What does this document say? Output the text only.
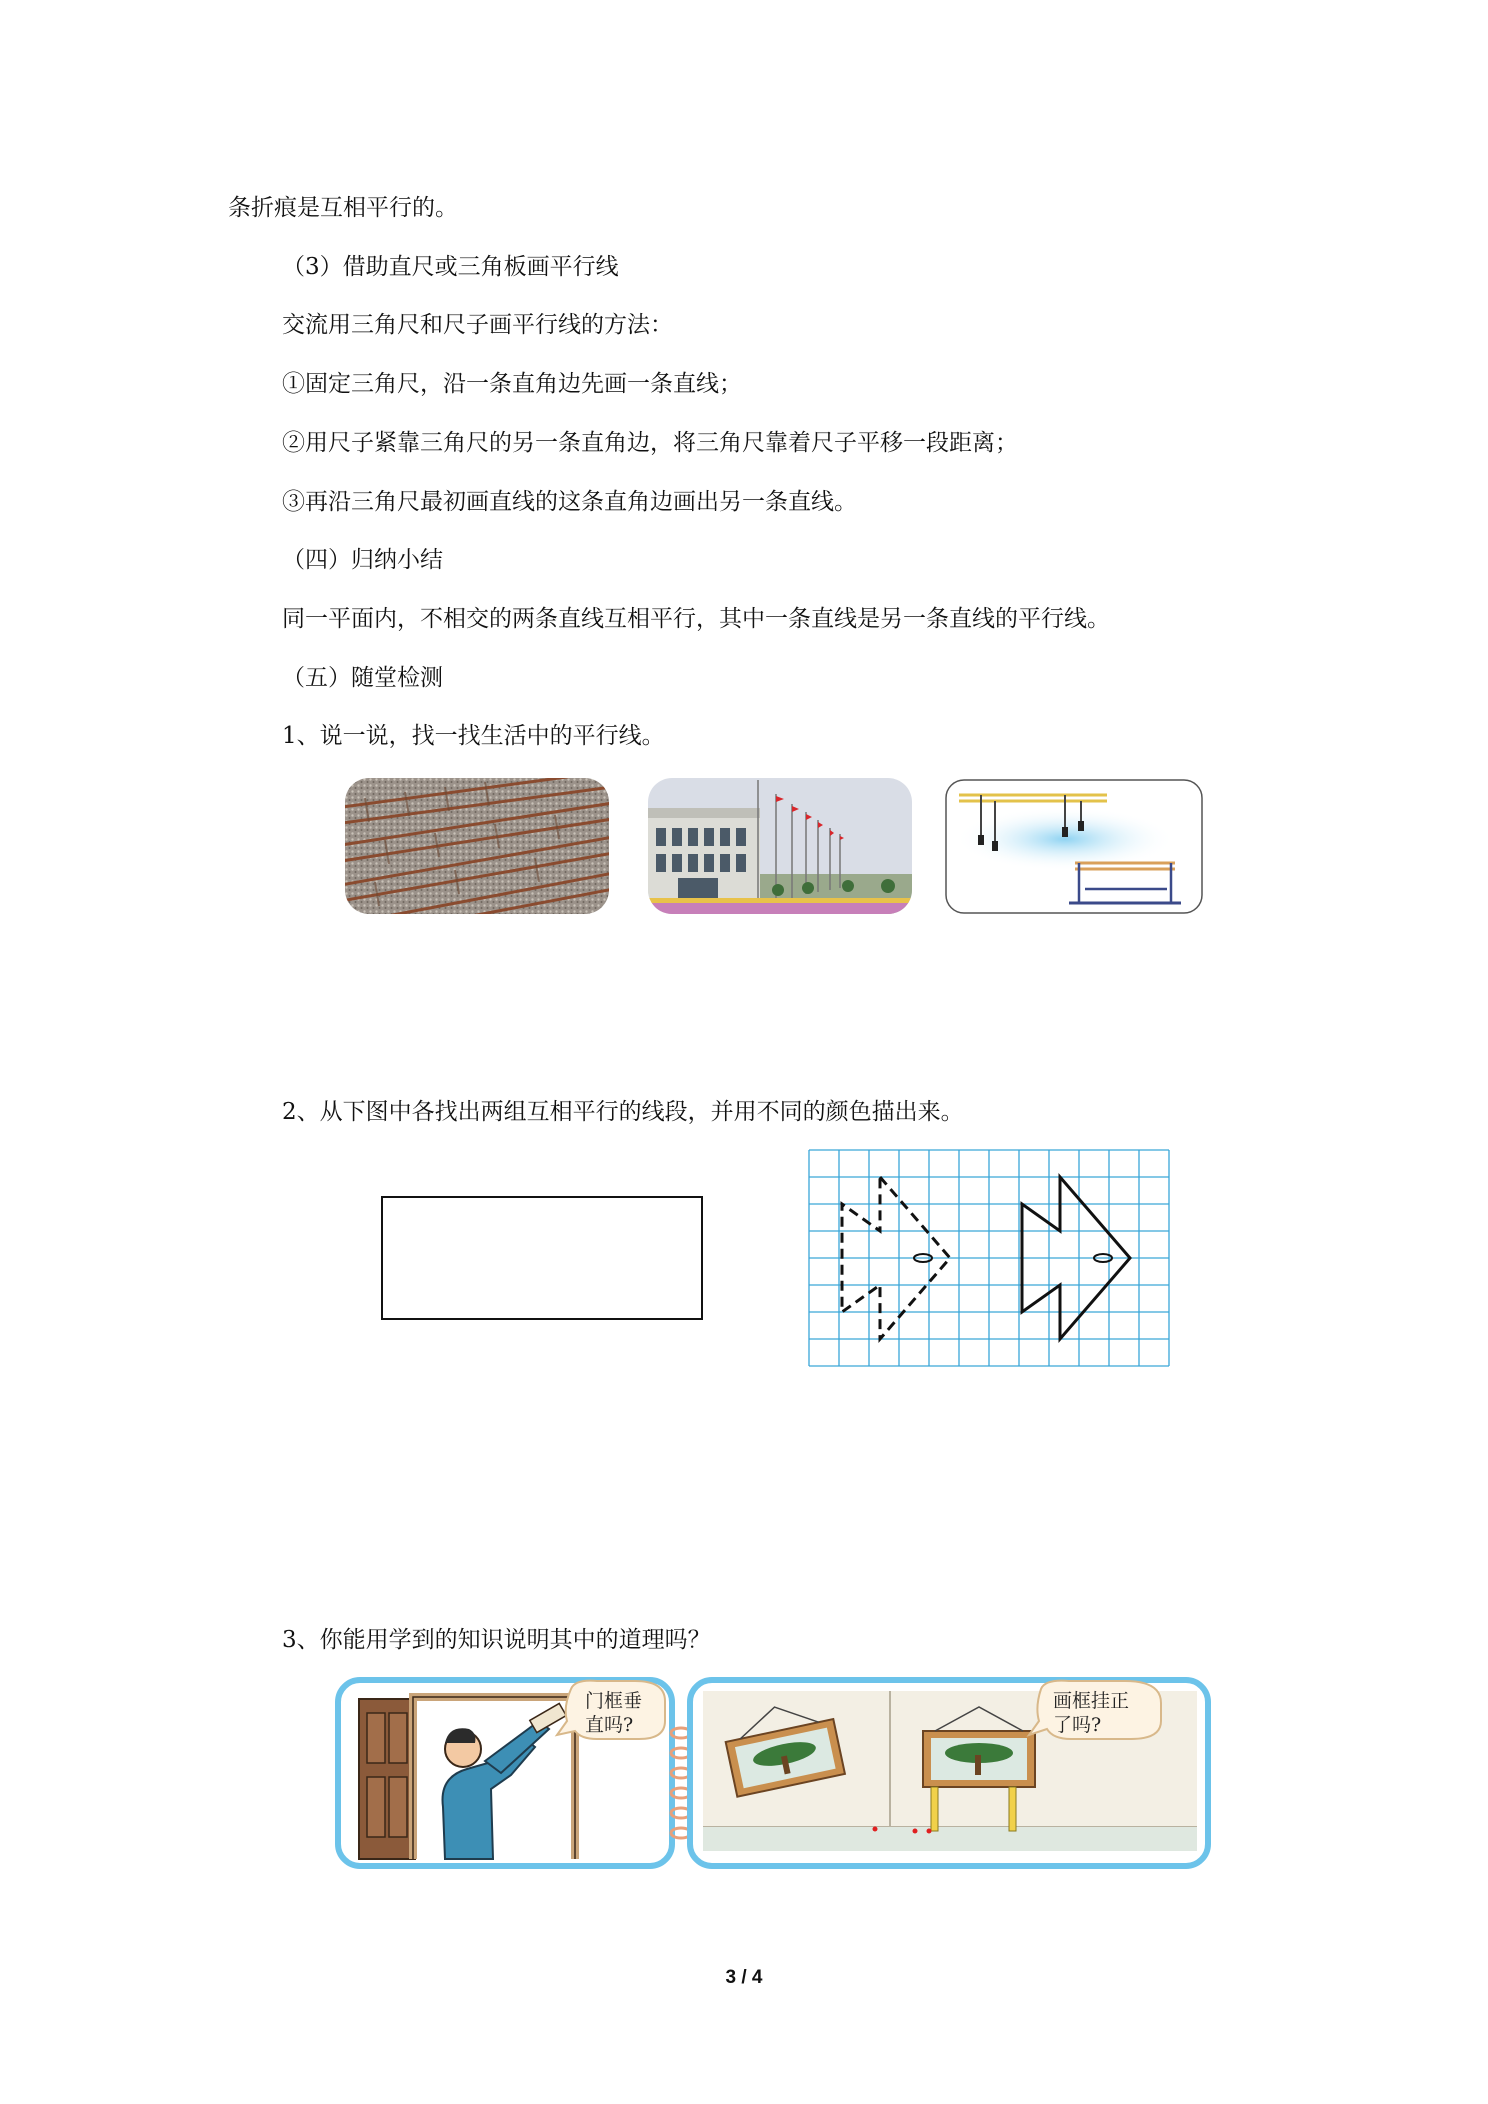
条折痕是互相平行的。
（3）借助直尺或三角板画平行线
交流用三角尺和尺子画平行线的方法：
①固定三角尺，沿一条直角边先画一条直线；
②用尺子紧靠三角尺的另一条直角边，将三角尺靠着尺子平移一段距离；
③再沿三角尺最初画直线的这条直角边画出另一条直线。
（四）归纳小结
同一平面内，不相交的两条直线互相平行，其中一条直线是另一条直线的平行线。
（五）随堂检测
1、说一说，找一找生活中的平行线。
2、从下图中各找出两组互相平行的线段，并用不同的颜色描出来。
3、你能用学到的知识说明其中的道理吗？
门框垂
直吗?
画框挂正
了吗?
3 / 4
